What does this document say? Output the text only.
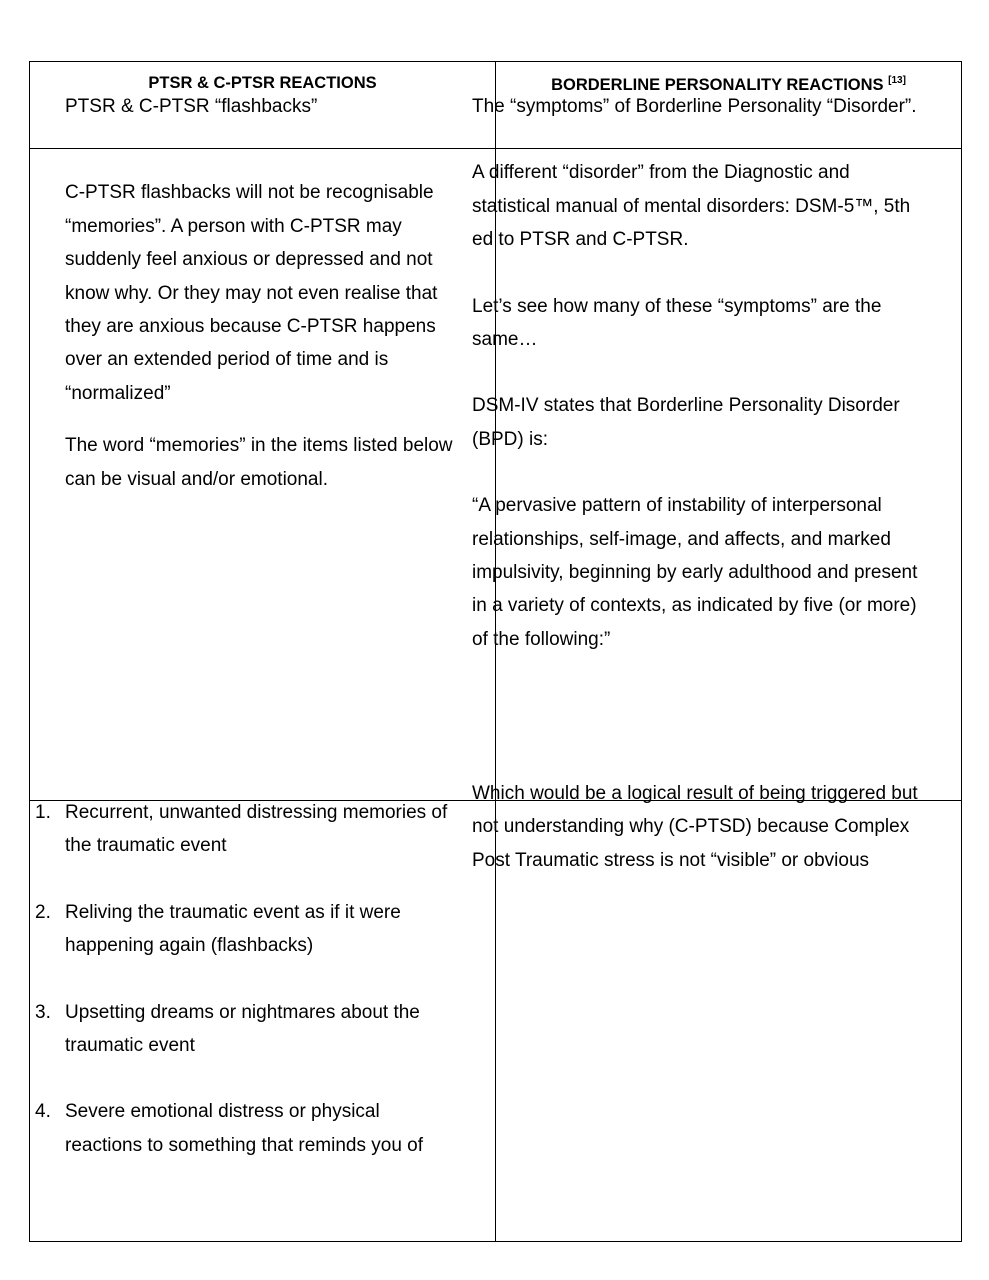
PTSR & C-PTSR REACTIONS	BORDERLINE PERSONALITY REACTIONS [13]

PTSR & C-PTSR “flashbacks”

C-PTSR flashbacks will not be recognisable “memories”. A person with C-PTSR may suddenly feel anxious or depressed and not know why. Or they may not even realise that they are anxious because C-PTSR happens over an extended period of time and is “normalized”

The word “memories” in the items listed below can be visual and/or emotional.

The “symptoms” of Borderline Personality “Disorder”.

A different “disorder” from the Diagnostic and statistical manual of mental disorders: DSM-5™, 5th ed to PTSR and C-PTSR.

Let’s see how many of these “symptoms” are the same…

DSM-IV states that Borderline Personality Disorder (BPD) is:

“A pervasive pattern of instability of interpersonal relationships, self-image, and affects, and marked impulsivity, beginning by early adulthood and present in a variety of contexts, as indicated by five (or more) of the following:”

1. Recurrent, unwanted distressing memories of the traumatic event
2. Reliving the traumatic event as if it were happening again (flashbacks)
3. Upsetting dreams or nightmares about the traumatic event
4. Severe emotional distress or physical reactions to something that reminds you of

Which would be a logical result of being triggered but not understanding why (C-PTSD) because Complex Post Traumatic stress is not “visible” or obvious
